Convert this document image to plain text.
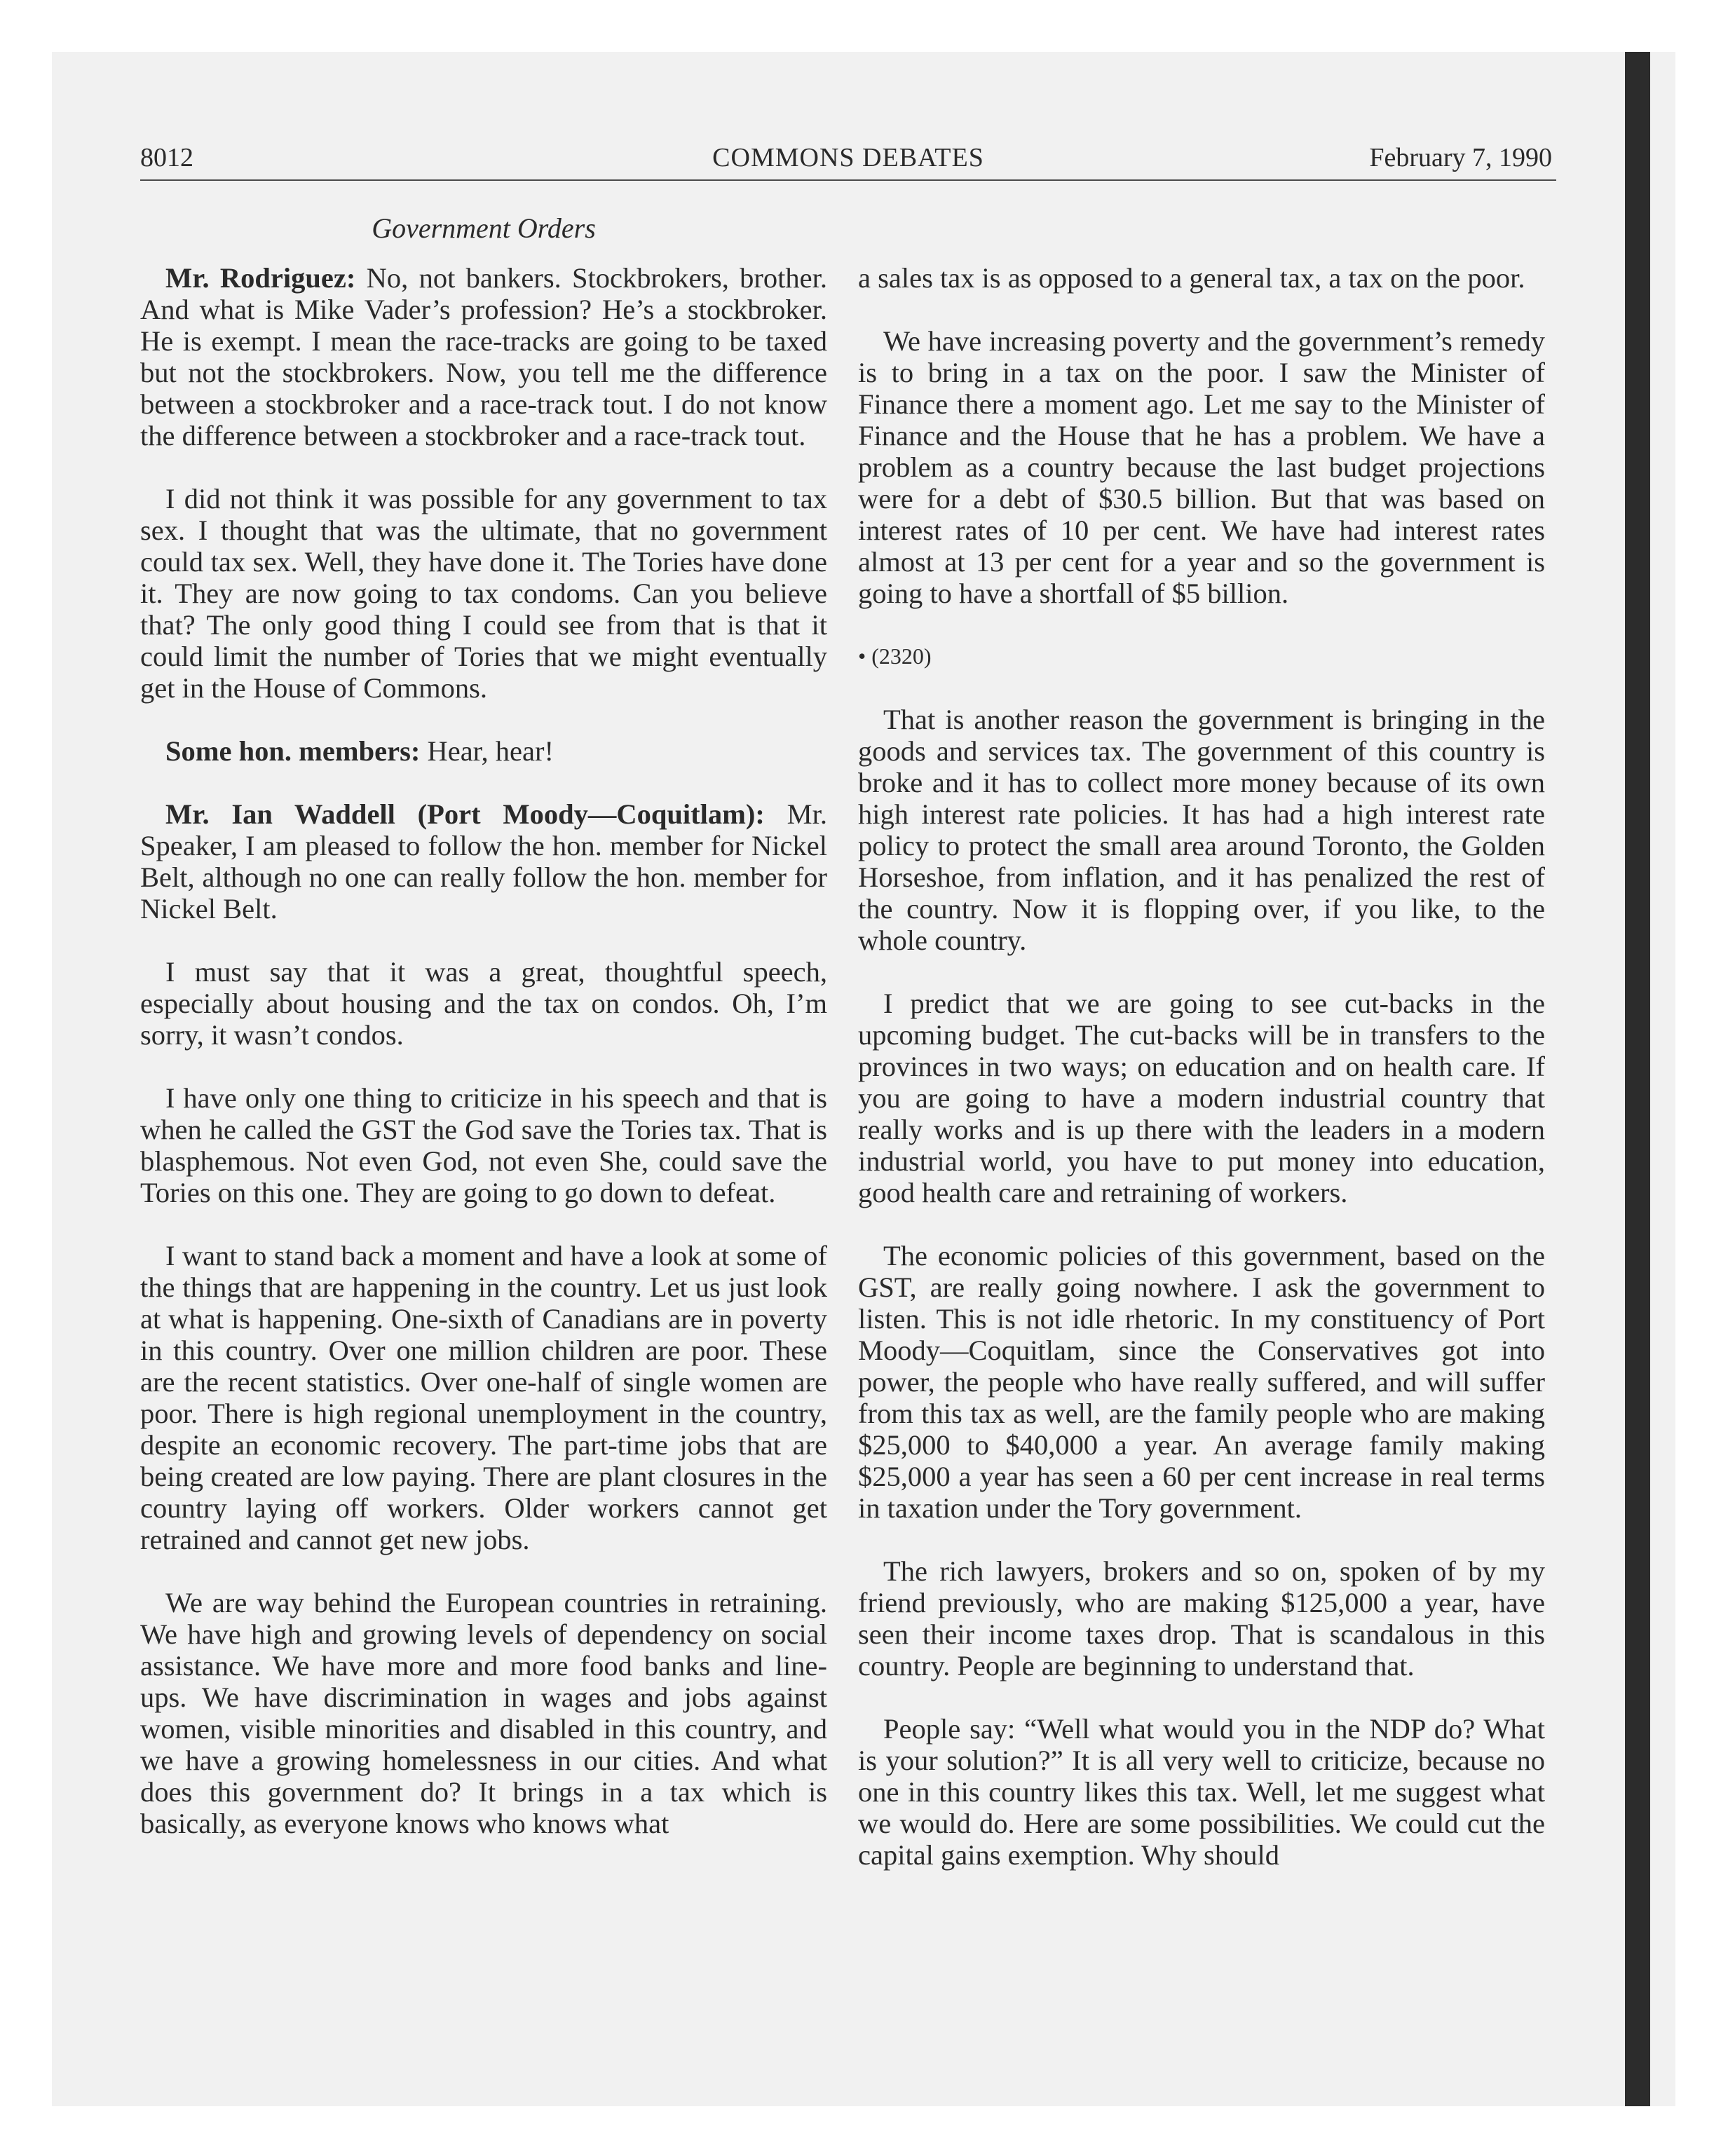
8012	COMMONS DEBATES	February 7, 1990
Government Orders

Mr. Rodriguez: No, not bankers. Stockbrokers, brother. And what is Mike Vader’s profession? He’s a stockbroker. He is exempt. I mean the race-tracks are going to be taxed but not the stockbrokers. Now, you tell me the difference between a stockbroker and a race-track tout. I do not know the difference between a stockbroker and a race-track tout.

I did not think it was possible for any government to tax sex. I thought that was the ultimate, that no government could tax sex. Well, they have done it. The Tories have done it. They are now going to tax condoms. Can you believe that? The only good thing I could see from that is that it could limit the number of Tories that we might eventually get in the House of Commons.

Some hon. members: Hear, hear!

Mr. Ian Waddell (Port Moody—Coquitlam): Mr. Speaker, I am pleased to follow the hon. member for Nickel Belt, although no one can really follow the hon. member for Nickel Belt.

I must say that it was a great, thoughtful speech, especially about housing and the tax on condos. Oh, I’m sorry, it wasn’t condos.

I have only one thing to criticize in his speech and that is when he called the GST the God save the Tories tax. That is blasphemous. Not even God, not even She, could save the Tories on this one. They are going to go down to defeat.

I want to stand back a moment and have a look at some of the things that are happening in the country. Let us just look at what is happening. One-sixth of Canadians are in poverty in this country. Over one million children are poor. These are the recent statistics. Over one-half of single women are poor. There is high regional unemployment in the country, despite an economic recovery. The part-time jobs that are being created are low paying. There are plant closures in the country laying off workers. Older workers cannot get retrained and cannot get new jobs.

We are way behind the European countries in retraining. We have high and growing levels of dependency on social assistance. We have more and more food banks and line-ups. We have discrimination in wages and jobs against women, visible minorities and disabled in this country, and we have a growing homelessness in our cities. And what does this government do? It brings in a tax which is basically, as everyone knows who knows what

a sales tax is as opposed to a general tax, a tax on the poor.

We have increasing poverty and the government’s remedy is to bring in a tax on the poor. I saw the Minister of Finance there a moment ago. Let me say to the Minister of Finance and the House that he has a problem. We have a problem as a country because the last budget projections were for a debt of $30.5 billion. But that was based on interest rates of 10 per cent. We have had interest rates almost at 13 per cent for a year and so the government is going to have a shortfall of $5 billion.

• (2320)

That is another reason the government is bringing in the goods and services tax. The government of this country is broke and it has to collect more money because of its own high interest rate policies. It has had a high interest rate policy to protect the small area around Toronto, the Golden Horseshoe, from inflation, and it has penalized the rest of the country. Now it is flopping over, if you like, to the whole country.

I predict that we are going to see cut-backs in the upcoming budget. The cut-backs will be in transfers to the provinces in two ways; on education and on health care. If you are going to have a modern industrial country that really works and is up there with the leaders in a modern industrial world, you have to put money into education, good health care and retraining of workers.

The economic policies of this government, based on the GST, are really going nowhere. I ask the government to listen. This is not idle rhetoric. In my constituency of Port Moody—Coquitlam, since the Conservatives got into power, the people who have really suffered, and will suffer from this tax as well, are the family people who are making $25,000 to $40,000 a year. An average family making $25,000 a year has seen a 60 per cent increase in real terms in taxation under the Tory government.

The rich lawyers, brokers and so on, spoken of by my friend previously, who are making $125,000 a year, have seen their income taxes drop. That is scandalous in this country. People are beginning to understand that.

People say: “Well what would you in the NDP do? What is your solution?” It is all very well to criticize, because no one in this country likes this tax. Well, let me suggest what we would do. Here are some possibilities. We could cut the capital gains exemption. Why should
